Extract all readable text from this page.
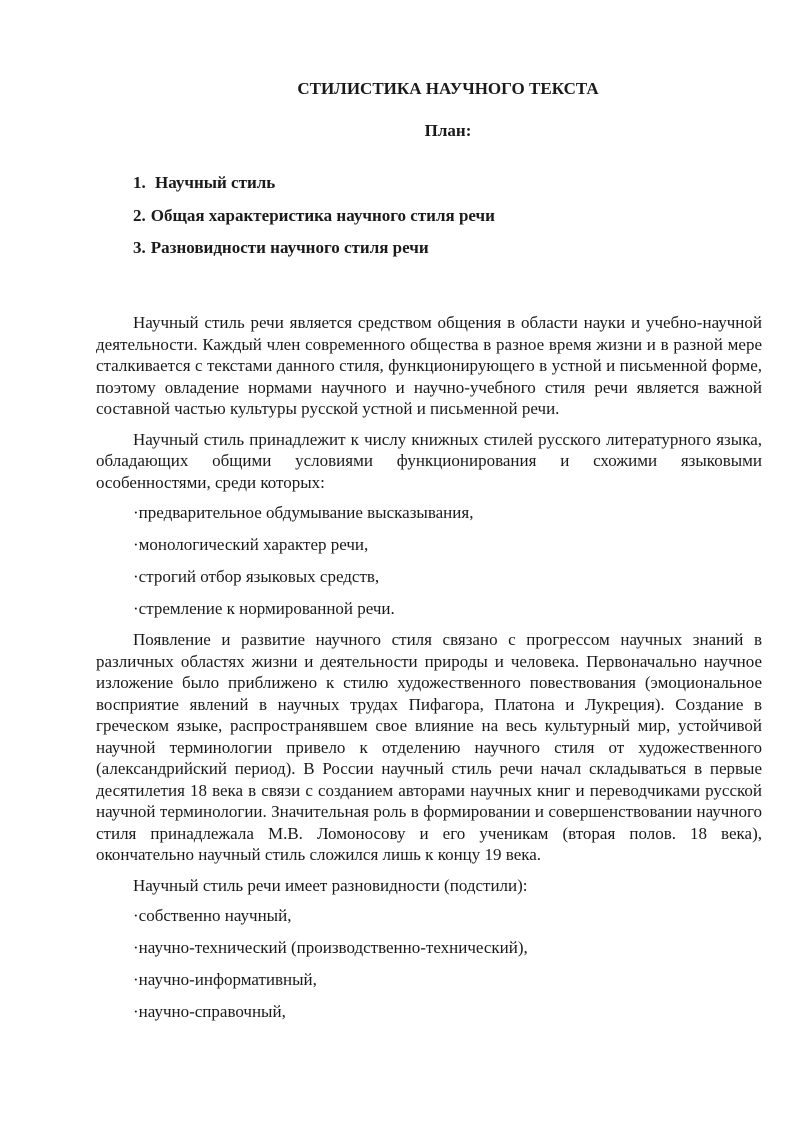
СТИЛИСТИКА НАУЧНОГО ТЕКСТА
План:
1. Научный стиль
2. Общая характеристика научного стиля речи
3. Разновидности научного стиля речи

Научный стиль речи является средством общения в области науки и учебно-научной деятельности. Каждый член современного общества в разное время жизни и в разной мере сталкивается с текстами данного стиля, функционирующего в устной и письменной форме, поэтому овладение нормами научного и научно-учебного стиля речи является важной составной частью культуры русской устной и письменной речи.

Научный стиль принадлежит к числу книжных стилей русского литературного языка, обладающих общими условиями функционирования и схожими языковыми особенностями, среди которых:

·предварительное обдумывание высказывания,
·монологический характер речи,
·строгий отбор языковых средств,
·стремление к нормированной речи.

Появление и развитие научного стиля связано с прогрессом научных знаний в различных областях жизни и деятельности природы и человека. Первоначально научное изложение было приближено к стилю художественного повествования (эмоциональное восприятие явлений в научных трудах Пифагора, Платона и Лукреция). Создание в греческом языке, распространявшем свое влияние на весь культурный мир, устойчивой научной терминологии привело к отделению научного стиля от художественного (александрийский период). В России научный стиль речи начал складываться в первые десятилетия 18 века в связи с созданием авторами научных книг и переводчиками русской научной терминологии. Значительная роль в формировании и совершенствовании научного стиля принадлежала М.В. Ломоносову и его ученикам (вторая полов. 18 века), окончательно научный стиль сложился лишь к концу 19 века.

Научный стиль речи имеет разновидности (подстили):

·собственно научный,
·научно-технический (производственно-технический),
·научно-информативный,
·научно-справочный,
